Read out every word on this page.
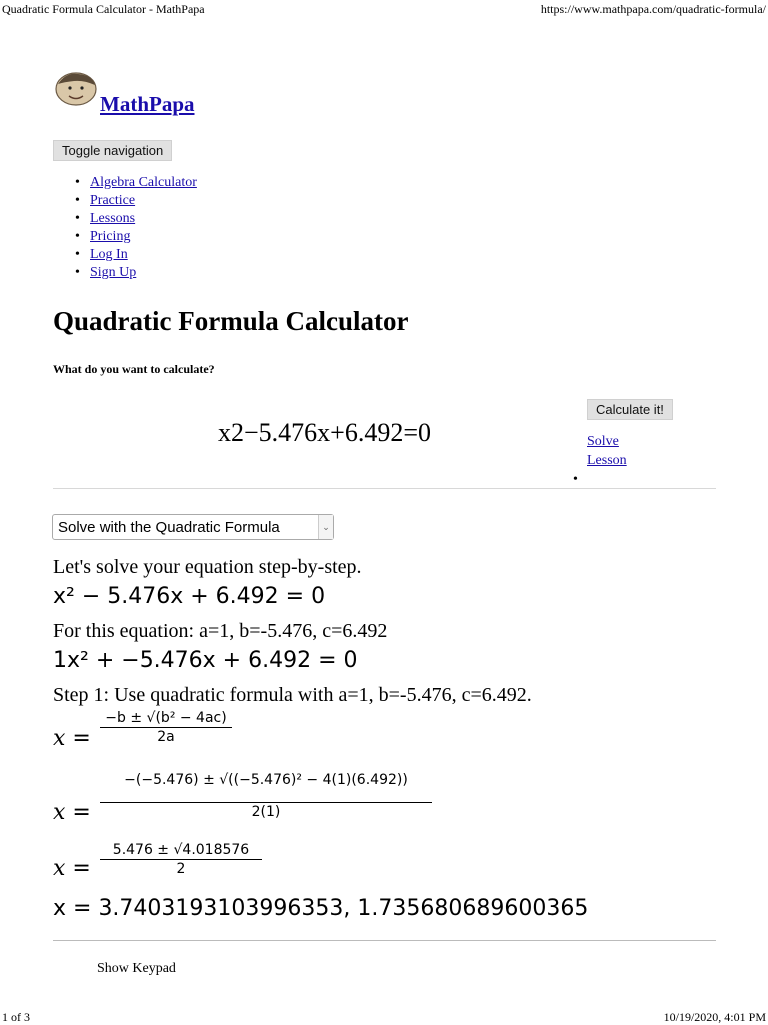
Quadratic Formula Calculator - MathPapa	https://www.mathpapa.com/quadratic-formula/
MathPapa
Toggle navigation
• Algebra Calculator
• Practice
• Lessons
• Pricing
• Log In
• Sign Up
Quadratic Formula Calculator
What do you want to calculate?
x2−5.476x+6.492=0
Calculate it!
Solve
Lesson
•
Solve with the Quadratic Formula	⌄
Let's solve your equation step-by-step.
x² − 5.476x + 6.492 = 0
For this equation: a=1, b=-5.476, c=6.492
1x² + −5.476x + 6.492 = 0
Step 1: Use quadratic formula with a=1, b=-5.476, c=6.492.
x =
−b ± √(b² − 4ac)
2a
x =
−(−5.476) ± √((−5.476)² − 4(1)(6.492))
2(1)
x =
5.476 ± √4.018576
2
x = 3.7403193103996353, 1.735680689600365
Show Keypad
1 of 3	10/19/2020, 4:01 PM
